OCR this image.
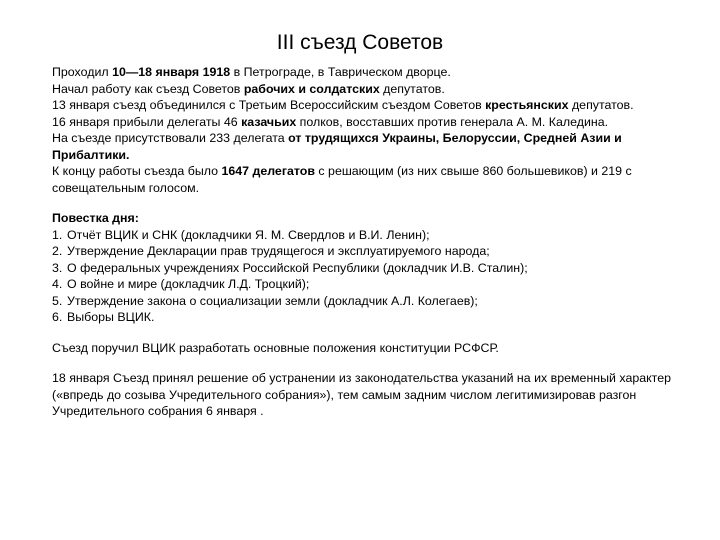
III съезд Советов

Проходил 10—18 января 1918 в Петрограде, в Таврическом дворце.

Начал работу как съезд Советов рабочих и солдатских депутатов.

13 января съезд объединился с Третьим Всероссийским съездом Советов крестьянских депутатов.

16 января прибыли делегаты 46 казачьих полков, восставших против генерала А. М. Каледина.

На съезде присутствовали 233 делегата от трудящихся Украины, Белоруссии, Средней Азии и Прибалтики.

К концу работы съезда было 1647 делегатов с решающим (из них свыше 860 большевиков) и 219 с совещательным голосом.

Повестка дня:

1. Отчёт ВЦИК и СНК (докладчики Я. М. Свердлов и В.И. Ленин);
2. Утверждение Декларации прав трудящегося и эксплуатируемого народа;
3. О федеральных учреждениях Российской Республики (докладчик И.В. Сталин);
4. О войне и мире (докладчик Л.Д. Троцкий);
5. Утверждение закона о социализации земли (докладчик А.Л. Колегаев);
6. Выборы ВЦИК.

Съезд поручил ВЦИК разработать основные положения конституции РСФСР.

18 января Съезд принял решение об устранении из законодательства указаний на их временный характер («впредь до созыва Учредительного собрания»), тем самым задним числом легитимизировав разгон Учредительного собрания 6 января .
